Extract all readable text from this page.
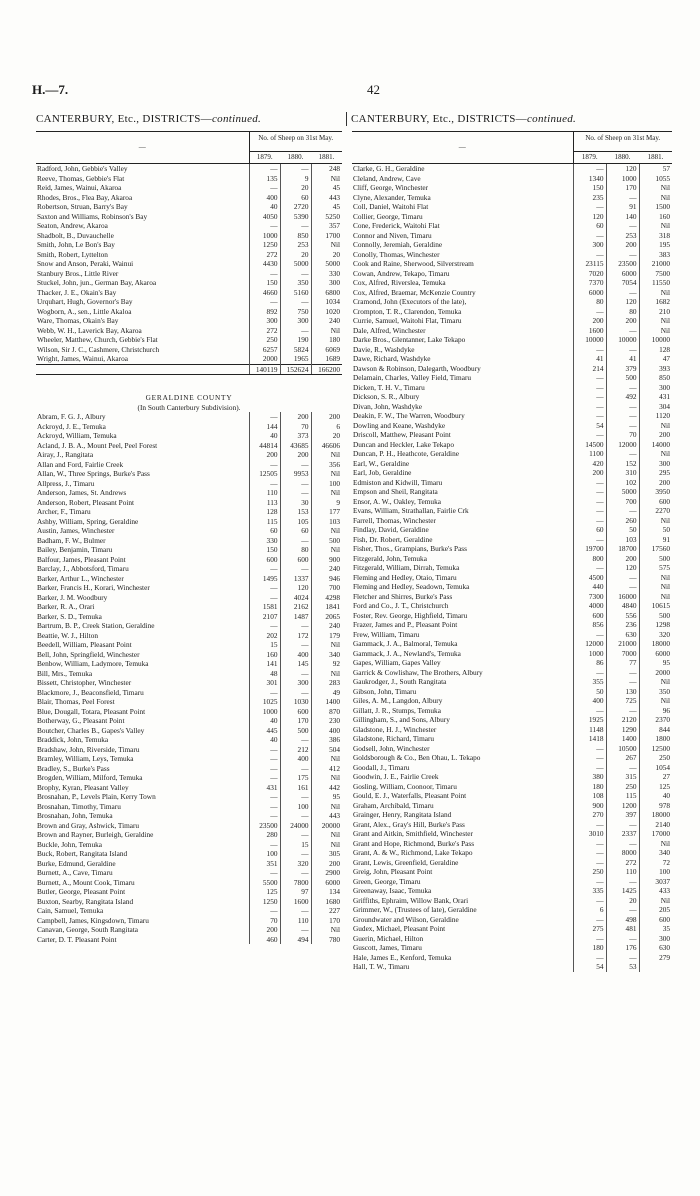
H.—7.	42
CANTERBURY, Etc., DISTRICTS—continued.	CANTERBURY, Etc., DISTRICTS—continued.
—	No. of Sheep on 31st May.		
	1879.	1880.	1881.
Radford, John, Gebbie's Valley	—	—	248
Reeve, Thomas, Gebbie's Flat	135	9	Nil
Reid, James, Wainui, Akaroa	—	20	45
Rhodes, Bros., Flea Bay, Akaroa	400	60	443
Robertson, Struan, Barry's Bay	40	2720	45
Saxton and Williams, Robinson's Bay	4050	5390	5250
Seaton, Andrew, Akaroa	—	—	357
Shadbolt, B., Duvauchelle	1000	850	1700
Smith, John, Le Bon's Bay	1250	253	Nil
Smith, Robert, Lyttelton	272	20	20
Snow and Anson, Peraki, Wainui	4430	5000	5000
Stanbury Bros., Little River	—	—	330
Stuckel, John, jun., German Bay, Akaroa	150	350	300
Thacker, J. E., Okain's Bay	4660	5160	6800
Urquhart, Hugh, Governor's Bay	—	—	1034
Wogborn, A., sen., Little Akaloa	892	750	1020
Ware, Thomas, Okain's Bay	300	300	240
Webb, W. H., Laverick Bay, Akaroa	272	—	Nil
Wheeler, Matthew, Church, Gebbie's Flat	250	190	180
Wilson, Sir J. C., Cashmere, Christchurch	6257	5824	6069
Wright, James, Wainui, Akaroa	2000	1965	1689
	140119	152624	166200
GERALDINE COUNTY			
(In South Canterbury Subdivision).			
Abram, F. G. J., Albury	—	200	200
Ackroyd, J. E., Temuka	144	70	6
Ackroyd, William, Temuka	40	373	20
Acland, J. B. A., Mount Peel, Peel Forest	44814	43685	46606
Airay, J., Rangitata	200	200	Nil
Allan and Ford, Fairlie Creek	—	—	356
Allan, W., Three Springs, Burke's Pass	12505	9953	Nil
Allpress, J., Timaru	—	—	100
Anderson, James, St. Andrews	110	—	Nil
Anderson, Robert, Pleasant Point	113	30	9
Archer, F., Timaru	128	153	177
Ashby, William, Spring, Geraldine	115	105	103
Austin, James, Winchester	60	60	Nil
Badham, F. W., Bulmer	330	—	500
Bailey, Benjamin, Timaru	150	80	Nil
Balfour, James, Pleasant Point	600	600	900
Barclay, J., Abbotsford, Timaru	—	—	240
Barker, Arthur L., Winchester	1495	1337	946
Barker, Francis H., Korari, Winchester	—	120	700
Barker, J. M. Woodbury	—	4024	4298
Barker, R. A., Orari	1581	2162	1841
Barker, S. D., Temuka	2107	1487	2065
Bartrum, B. P., Creek Station, Geraldine	—	—	240
Beattie, W. J., Hilton	202	172	179
Beedell, William, Pleasant Point	15	—	Nil
Bell, John, Springfield, Winchester	160	400	340
Benbow, William, Ladymore, Temuka	141	145	92
Bill, Mrs., Temuka	48	—	Nil
Bissett, Christopher, Winchester	301	300	283
Blackmore, J., Beaconsfield, Timaru	—	—	49
Blair, Thomas, Peel Forest	1025	1030	1400
Blue, Dougall, Totara, Pleasant Point	1000	600	870
Botherway, G., Pleasant Point	40	170	230
Boutcher, Charles B., Gapes's Valley	445	500	400
Braddick, John, Temuka	40	—	386
Bradshaw, John, Riverside, Timaru	—	212	504
Bramley, William, Leys, Temuka	—	400	Nil
Bradley, S., Burke's Pass	—	—	412
Brogden, William, Milford, Temuka	—	175	Nil
Brophy, Kyran, Pleasant Valley	431	161	442
Brosnahan, P., Levels Plain, Kerry Town	—	—	95
Brosnahan, Timothy, Timaru	—	100	Nil
Brosnahan, John, Temuka	—	—	443
Brown and Gray, Ashwick, Timaru	23500	24000	20000
Brown and Rayner, Burleigh, Geraldine	280	—	Nil
Buckle, John, Temuka	—	15	Nil
Buck, Robert, Rangitata Island	100	—	305
Burke, Edmund, Geraldine	351	320	200
Burnett, A., Cave, Timaru	—	—	2900
Burnett, A., Mount Cook, Timaru	5500	7800	6000
Butler, George, Pleasant Point	125	97	134
Buxton, Searby, Rangitata Island	1250	1600	1680
Cain, Samuel, Temuka	—	—	227
Campbell, James, Kingsdown, Timaru	70	110	170
Canavan, George, South Rangitata	200	—	Nil
Carter, D. T. Pleasant Point	460	494	780
—	No. of Sheep on 31st May.		
	1879.	1880.	1881.
Clarke, G. H., Geraldine	—	120	57
Cleland, Andrew, Cave	1340	1000	1055
Cliff, George, Winchester	150	170	Nil
Clyne, Alexander, Temuka	235	—	Nil
Coll, Daniel, Waitohi Flat	—	91	1500
Collier, George, Timaru	120	140	160
Cone, Frederick, Waitohi Flat	60	—	Nil
Connor and Niven, Timaru	—	253	318
Connolly, Jeremiah, Geraldine	300	200	195
Conolly, Thomas, Winchester	—	—	383
Cook and Raine, Sherwood, Silverstream	23115	23500	21000
Cowan, Andrew, Tekapo, Timaru	7020	6000	7500
Cox, Alfred, Riverslea, Temuka	7370	7054	11550
Cox, Alfred, Braemar, McKenzie Country	6000	—	Nil
Cramond, John (Executors of the late),	80	120	1682
Crompton, T. R., Clarendon, Temuka	—	80	210
Currie, Samuel, Waitohi Flat, Timaru	200	200	Nil
Dale, Alfred, Winchester	1600	—	Nil
Darke Bros., Glentanner, Lake Tekapo	10000	10000	10000
Davie, R., Washdyke	—	—	128
Dawe, Richard, Washdyke	41	41	47
Dawson & Robinson, Dalegarth, Woodbury	214	379	393
Delamain, Charles, Valley Field, Timaru	—	500	850
Dicken, T. H. V., Timaru	—	—	300
Dickson, S. R., Albury	—	492	431
Divan, John, Washdyke	—	—	304
Deakin, F. W., The Warren, Woodbury	—	—	1120
Dowling and Keane, Washdyke	54	—	Nil
Driscoll, Matthew, Pleasant Point	—	70	200
Duncan and Heckler, Lake Tekapo	14500	12000	14000
Duncan, P. H., Heathcote, Geraldine	1100	—	Nil
Earl, W., Geraldine	420	152	300
Earl, Job, Geraldine	200	310	295
Edmiston and Kidwill, Timaru	—	102	200
Empson and Sheil, Rangitata	—	5000	3950
Ensor, A. W., Oakley, Temuka	—	700	600
Evans, William, Strathallan, Fairlie Crk	—	—	2270
Farrell, Thomas, Winchester	—	260	Nil
Findlay, David, Geraldine	60	50	50
Fish, Dr. Robert, Geraldine	—	103	91
Fisher, Thos., Grampians, Burke's Pass	19700	18700	17560
Fitzgerald, John, Temuka	800	200	500
Fitzgerald, William, Dirrah, Temuka	—	120	575
Fleming and Hedley, Otaio, Timaru	4500	—	Nil
Fleming and Hedley, Seadown, Temuka	440	—	Nil
Fletcher and Shirres, Burke's Pass	7300	16000	Nil
Ford and Co., J. T., Christchurch	4000	4840	10615
Foster, Rev. George, Highfield, Timaru	600	556	500
Frazer, James and P., Pleasant Point	856	236	1298
Frew, William, Timaru	—	630	320
Gammack, J. A., Balmoral, Temuka	12000	21000	18000
Gammack, J. A., Newland's, Temuka	1000	7000	6000
Gapes, William, Gapes Valley	86	77	95
Garrick & Cowlishaw, The Brothers, Albury	—	—	2000
Gaukrodger, J., South Rangitata	355	—	Nil
Gibson, John, Timaru	50	130	350
Giles, A. M., Langdon, Albury	400	725	Nil
Gillatt, J. R., Stumps, Temuka	—	—	96
Gillingham, S., and Sons, Albury	1925	2120	2370
Gladstone, H. J., Winchester	1148	1290	844
Gladstone, Richard, Timaru	1418	1400	1800
Godsell, John, Winchester	—	10500	12500
Goldsborough & Co., Ben Ohau, L. Tekapo	—	267	250
Goodall, J., Timaru	—	—	1054
Goodwin, J. E., Fairlie Creek	380	315	27
Gosling, William, Coonoor, Timaru	180	250	125
Gould, E. J., Waterfalls, Pleasant Point	108	115	40
Graham, Archibald, Timaru	900	1200	978
Grainger, Henry, Rangitata Island	270	397	18000
Grant, Alex., Gray's Hill, Burke's Pass	—	—	2140
Grant and Aitkin, Smithfield, Winchester	3010	2337	17000
Grant and Hope, Richmond, Burke's Pass	—	—	Nil
Grant, A. & W., Richmond, Lake Tekapo	—	8000	340
Grant, Lewis, Greenfield, Geraldine	—	272	72
Greig, John, Pleasant Point	250	110	100
Green, George, Timaru	—	—	3037
Greenaway, Isaac, Temuka	335	1425	433
Griffiths, Ephraim, Willow Bank, Orari	—	20	Nil
Grimmer, W., (Trustees of late), Geraldine	6	—	205
Groundwater and Wilson, Geraldine	—	498	600
Gudex, Michael, Pleasant Point	275	481	35
Guerin, Michael, Hilton	—	—	300
Guscott, James, Timaru	180	176	630
Hale, James E., Kenford, Temuka	—	—	279
Hall, T. W., Timaru	54	53	
